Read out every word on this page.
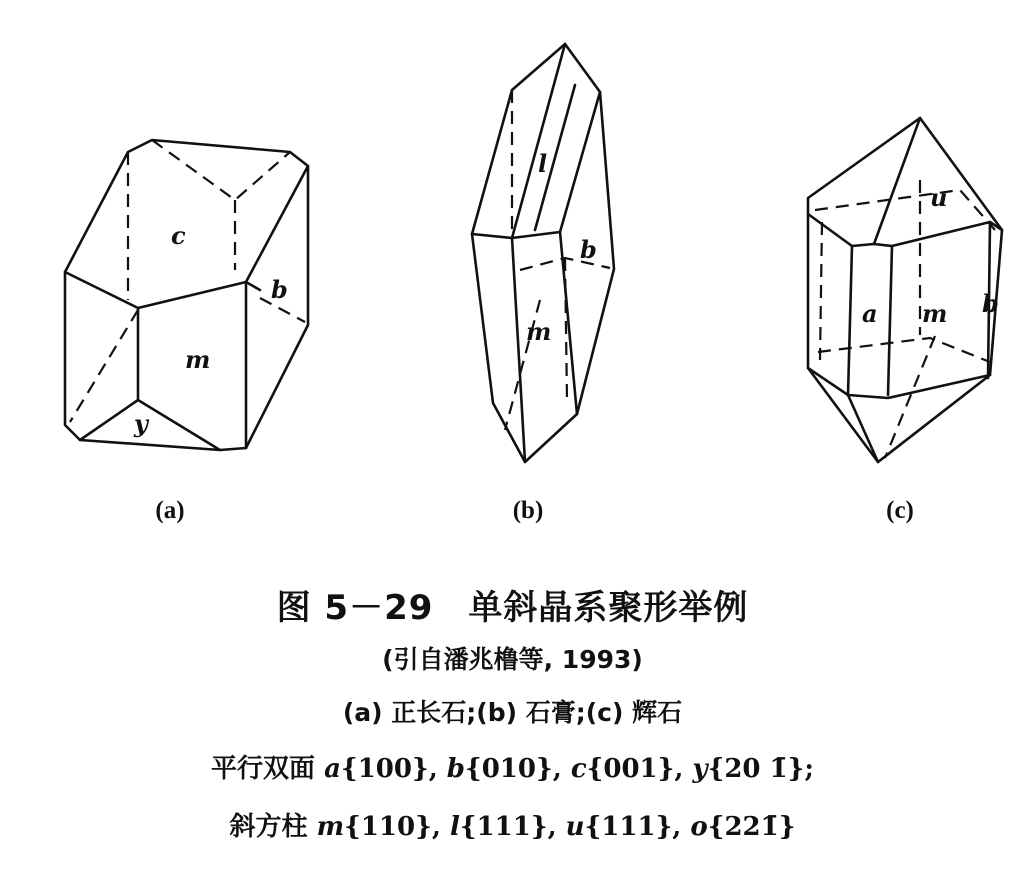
c
b
m
y
(a)
l
b
m
(b)
u
a m b
(c)
图 5－29　单斜晶系聚形举例
(引自潘兆橹等, 1993)
(a) 正长石;(b) 石膏;(c) 辉石
平行双面 a{100}, b{010}, c{001}, y{20 1̄};
斜方柱 m{110}, l{111}, u{111}, o{221̄}
